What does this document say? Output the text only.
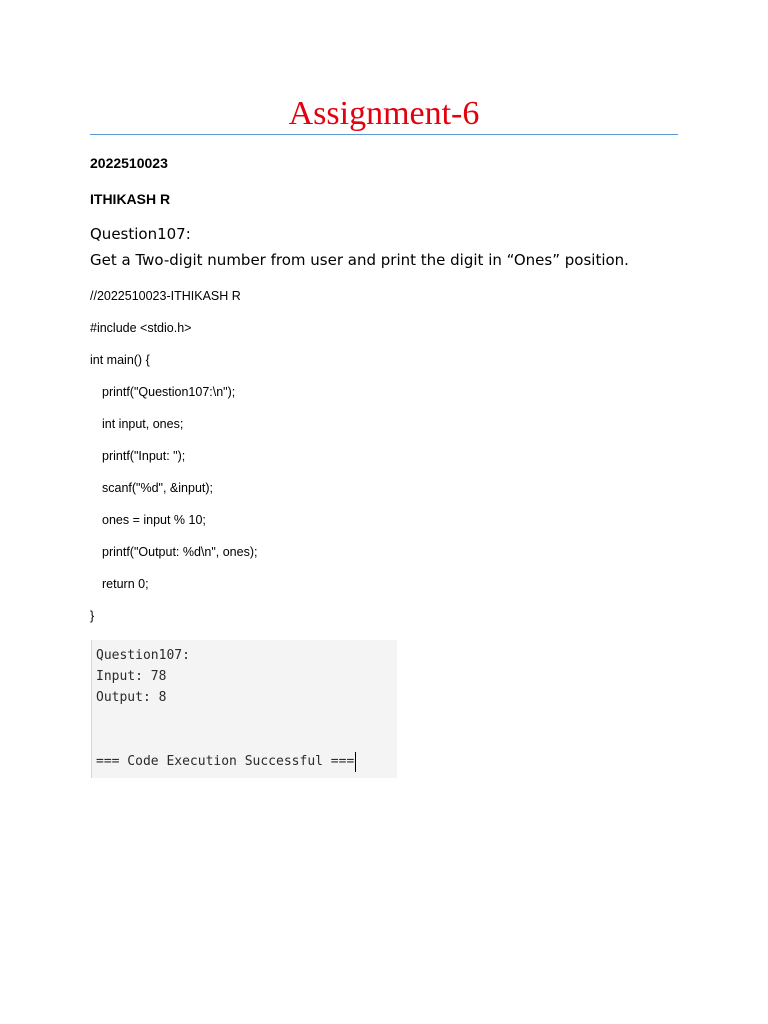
Assignment-6
2022510023
ITHIKASH R
Question107:
Get a Two-digit number from user and print the digit in “Ones” position.
//2022510023-ITHIKASH R
#include <stdio.h>
int main() {
printf("Question107:\n");
int input, ones;
printf("Input: ");
scanf("%d", &input);
ones = input % 10;
printf("Output: %d\n", ones);
return 0;
}
Question107:
Input: 78
Output: 8
=== Code Execution Successful ===
